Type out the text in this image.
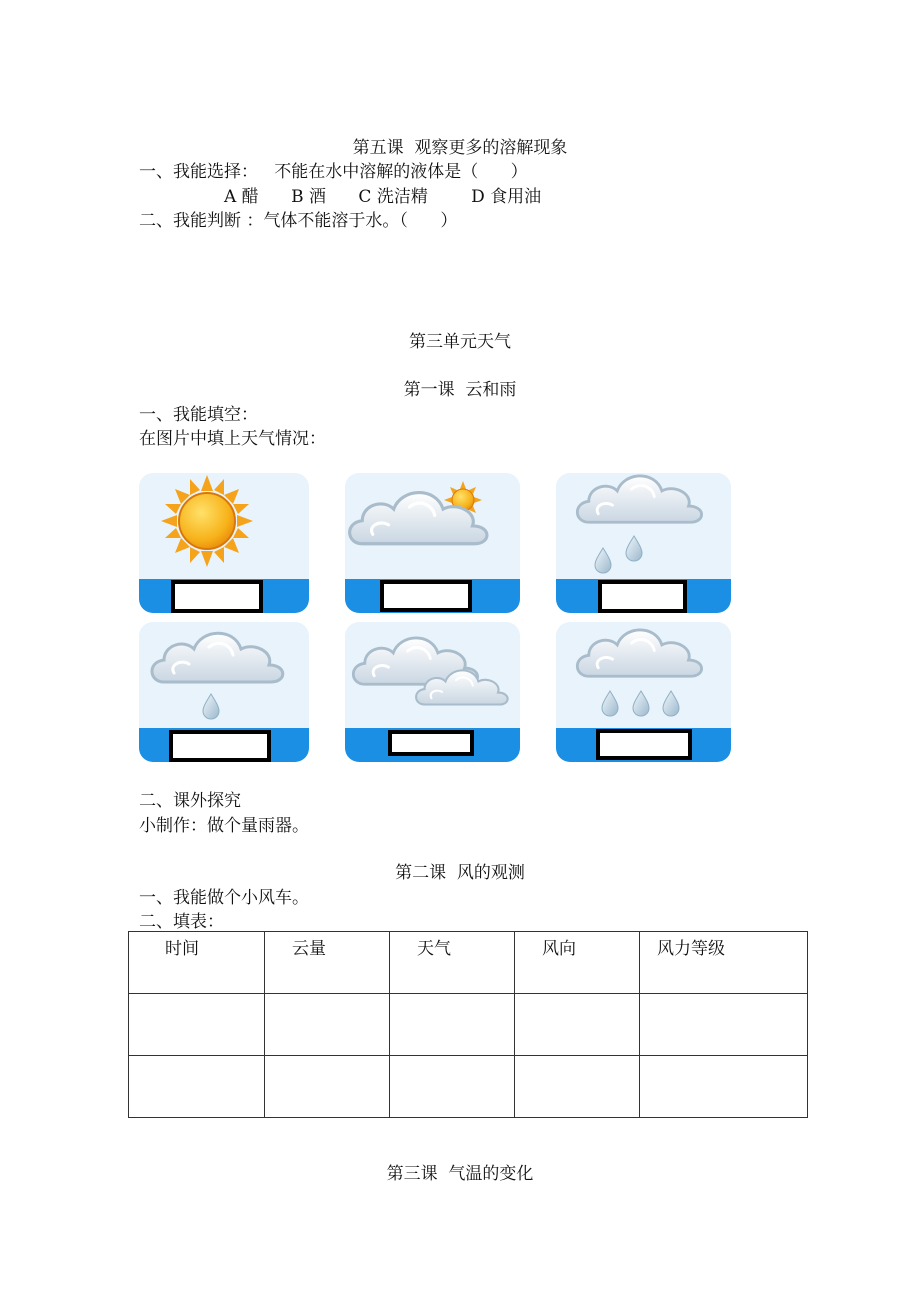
第五课  观察更多的溶解现象
一、我能选择：   不能在水中溶解的液体是（      ）
A 醋      B 酒      C 洗洁精        D 食用油
二、我能判断 ：气体不能溶于水。（      ）
第三单元天气
第一课  云和雨
一、我能填空：
在图片中填上天气情况：
二、课外探究
小制作：做个量雨器。
第二课  风的观测
一、我能做个小风车。
二、填表：
时间	云量	天气	风向	风力等级

第三课  气温的变化
